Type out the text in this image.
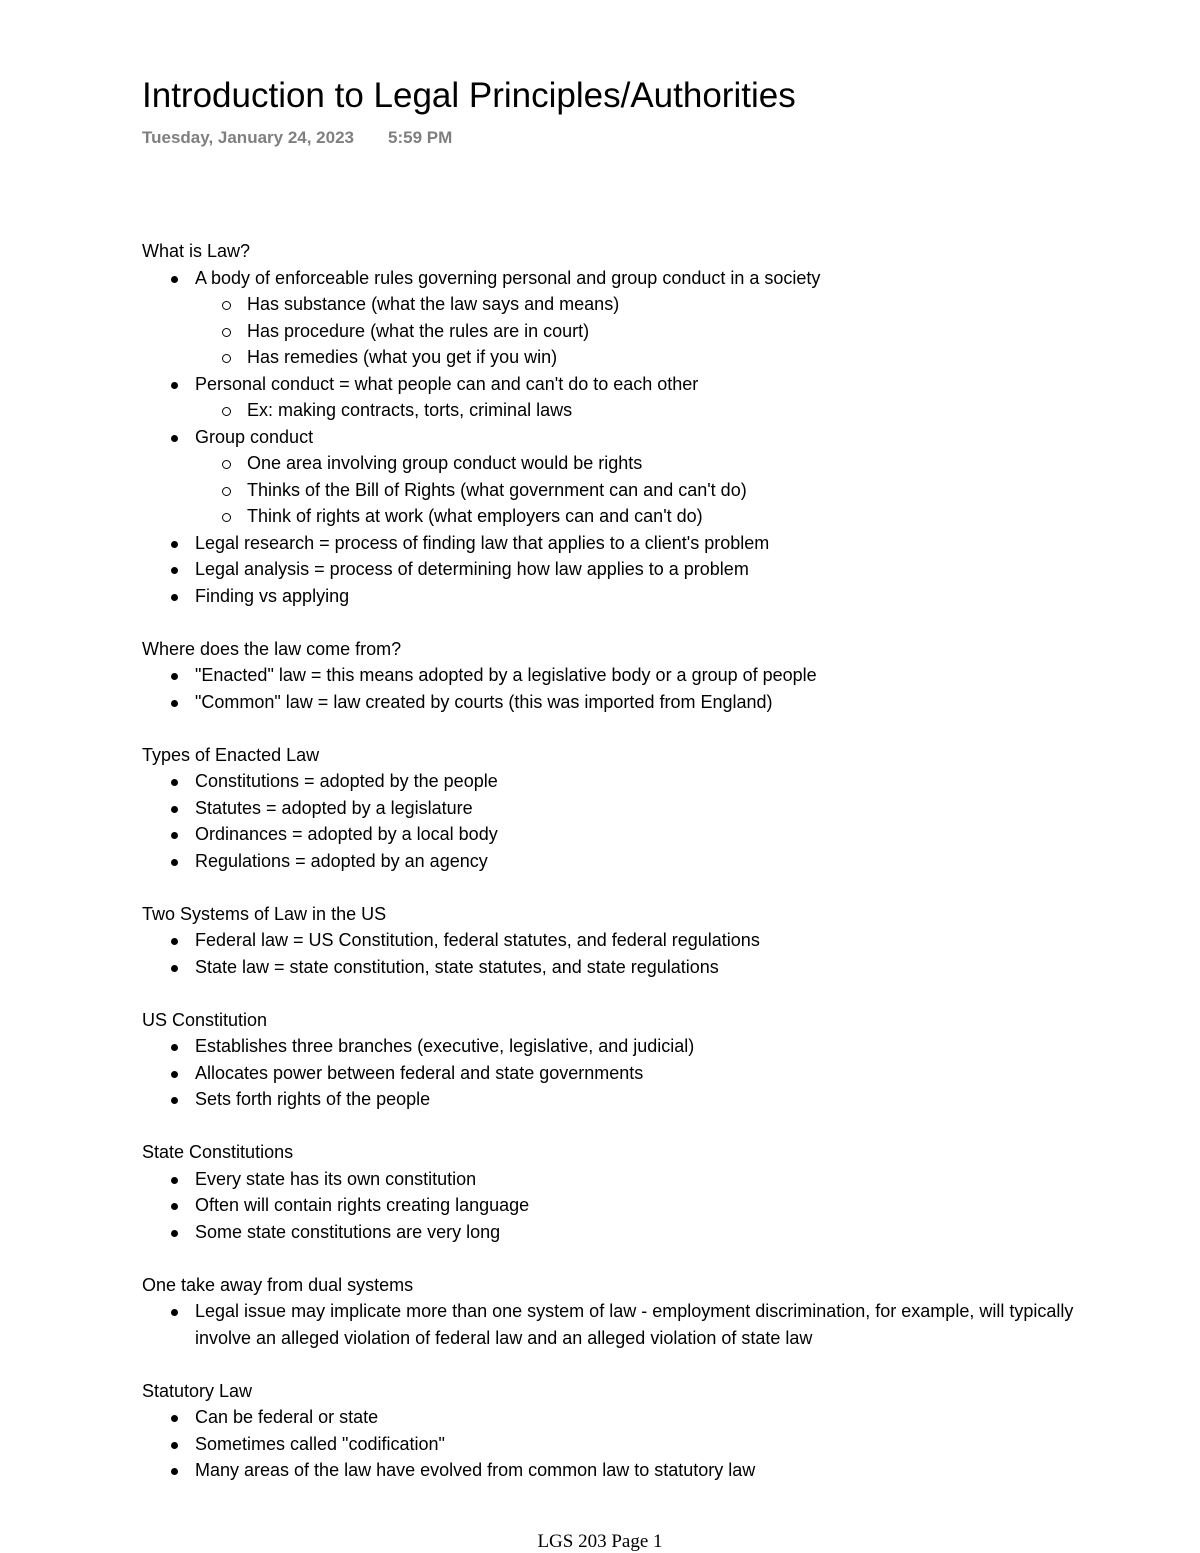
Introduction to Legal Principles/Authorities
Tuesday, January 24, 2023 5:59 PM
What is Law?
A body of enforceable rules governing personal and group conduct in a society
Has substance (what the law says and means)
Has procedure (what the rules are in court)
Has remedies (what you get if you win)
Personal conduct = what people can and can't do to each other
Ex: making contracts, torts, criminal laws
Group conduct
One area involving group conduct would be rights
Thinks of the Bill of Rights (what government can and can't do)
Think of rights at work (what employers can and can't do)
Legal research = process of finding law that applies to a client's problem
Legal analysis = process of determining how law applies to a problem
Finding vs applying
Where does the law come from?
"Enacted" law = this means adopted by a legislative body or a group of people
"Common" law = law created by courts (this was imported from England)
Types of Enacted Law
Constitutions = adopted by the people
Statutes = adopted by a legislature
Ordinances = adopted by a local body
Regulations = adopted by an agency
Two Systems of Law in the US
Federal law = US Constitution, federal statutes, and federal regulations
State law = state constitution, state statutes, and state regulations
US Constitution
Establishes three branches (executive, legislative, and judicial)
Allocates power between federal and state governments
Sets forth rights of the people
State Constitutions
Every state has its own constitution
Often will contain rights creating language
Some state constitutions are very long
One take away from dual systems
Legal issue may implicate more than one system of law - employment discrimination, for example, will typically involve an alleged violation of federal law and an alleged violation of state law
Statutory Law
Can be federal or state
Sometimes called "codification"
Many areas of the law have evolved from common law to statutory law
LGS 203 Page 1
